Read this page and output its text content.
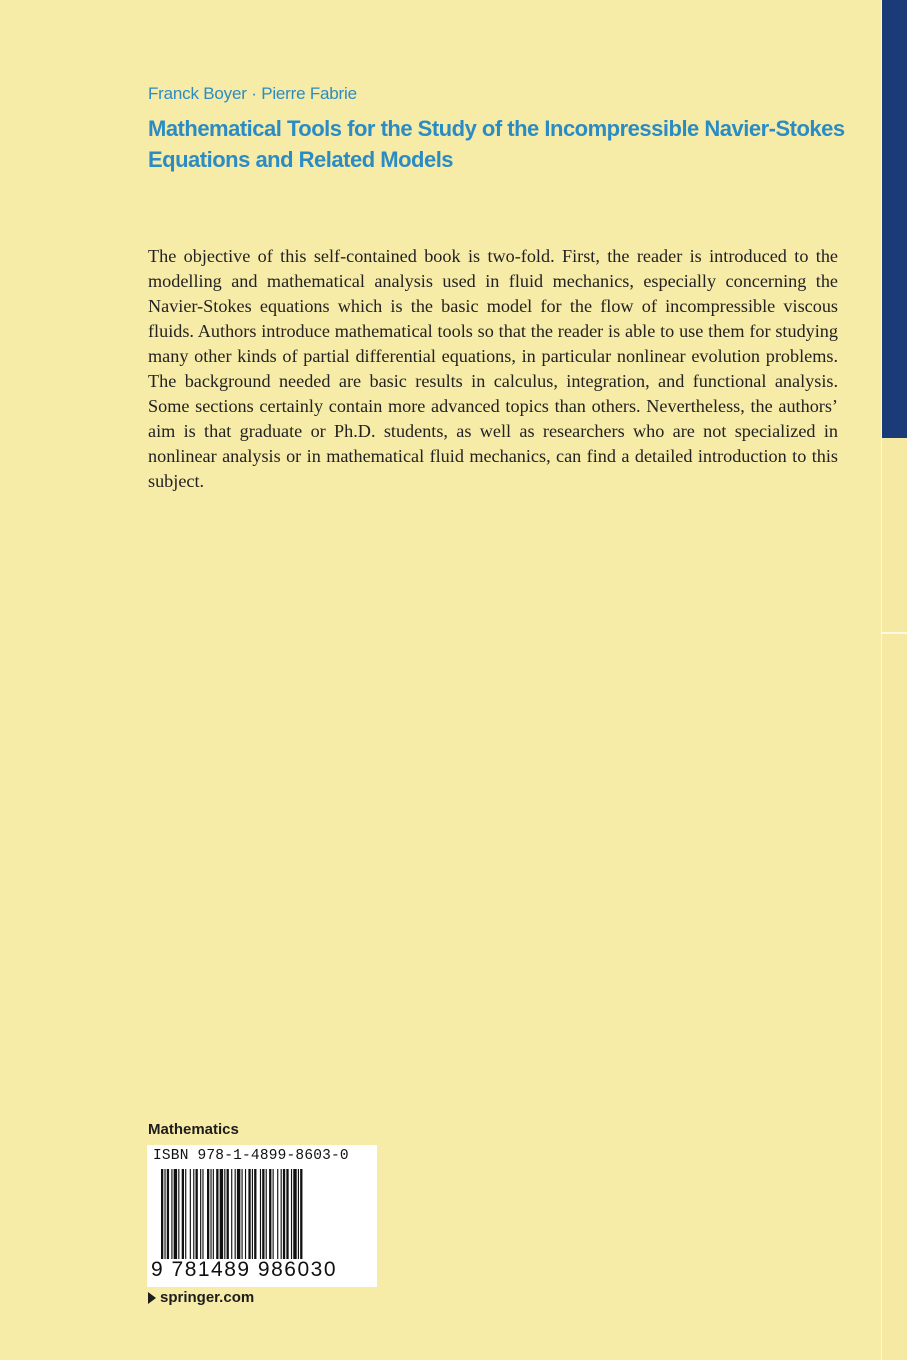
Franck Boyer · Pierre Fabrie
Mathematical Tools for the Study of the Incompressible Navier-Stokes Equations and Related Models
The objective of this self-contained book is two-fold. First, the reader is introduced to the modelling and mathematical analysis used in fluid mechanics, especially concerning the Navier-Stokes equations which is the basic model for the flow of incompressible viscous fluids. Authors introduce mathematical tools so that the reader is able to use them for studying many other kinds of partial differential equations, in particular nonlinear evolution problems. The background needed are basic results in calculus, integration, and functional analysis. Some sections certainly contain more advanced topics than others. Nevertheless, the authors’ aim is that graduate or Ph.D. students, as well as researchers who are not specialized in nonlinear analysis or in mathematical fluid mechanics, can find a detailed introduction to this subject.
Mathematics
ISBN 978-1-4899-8603-0
9 781489 986030
springer.com
